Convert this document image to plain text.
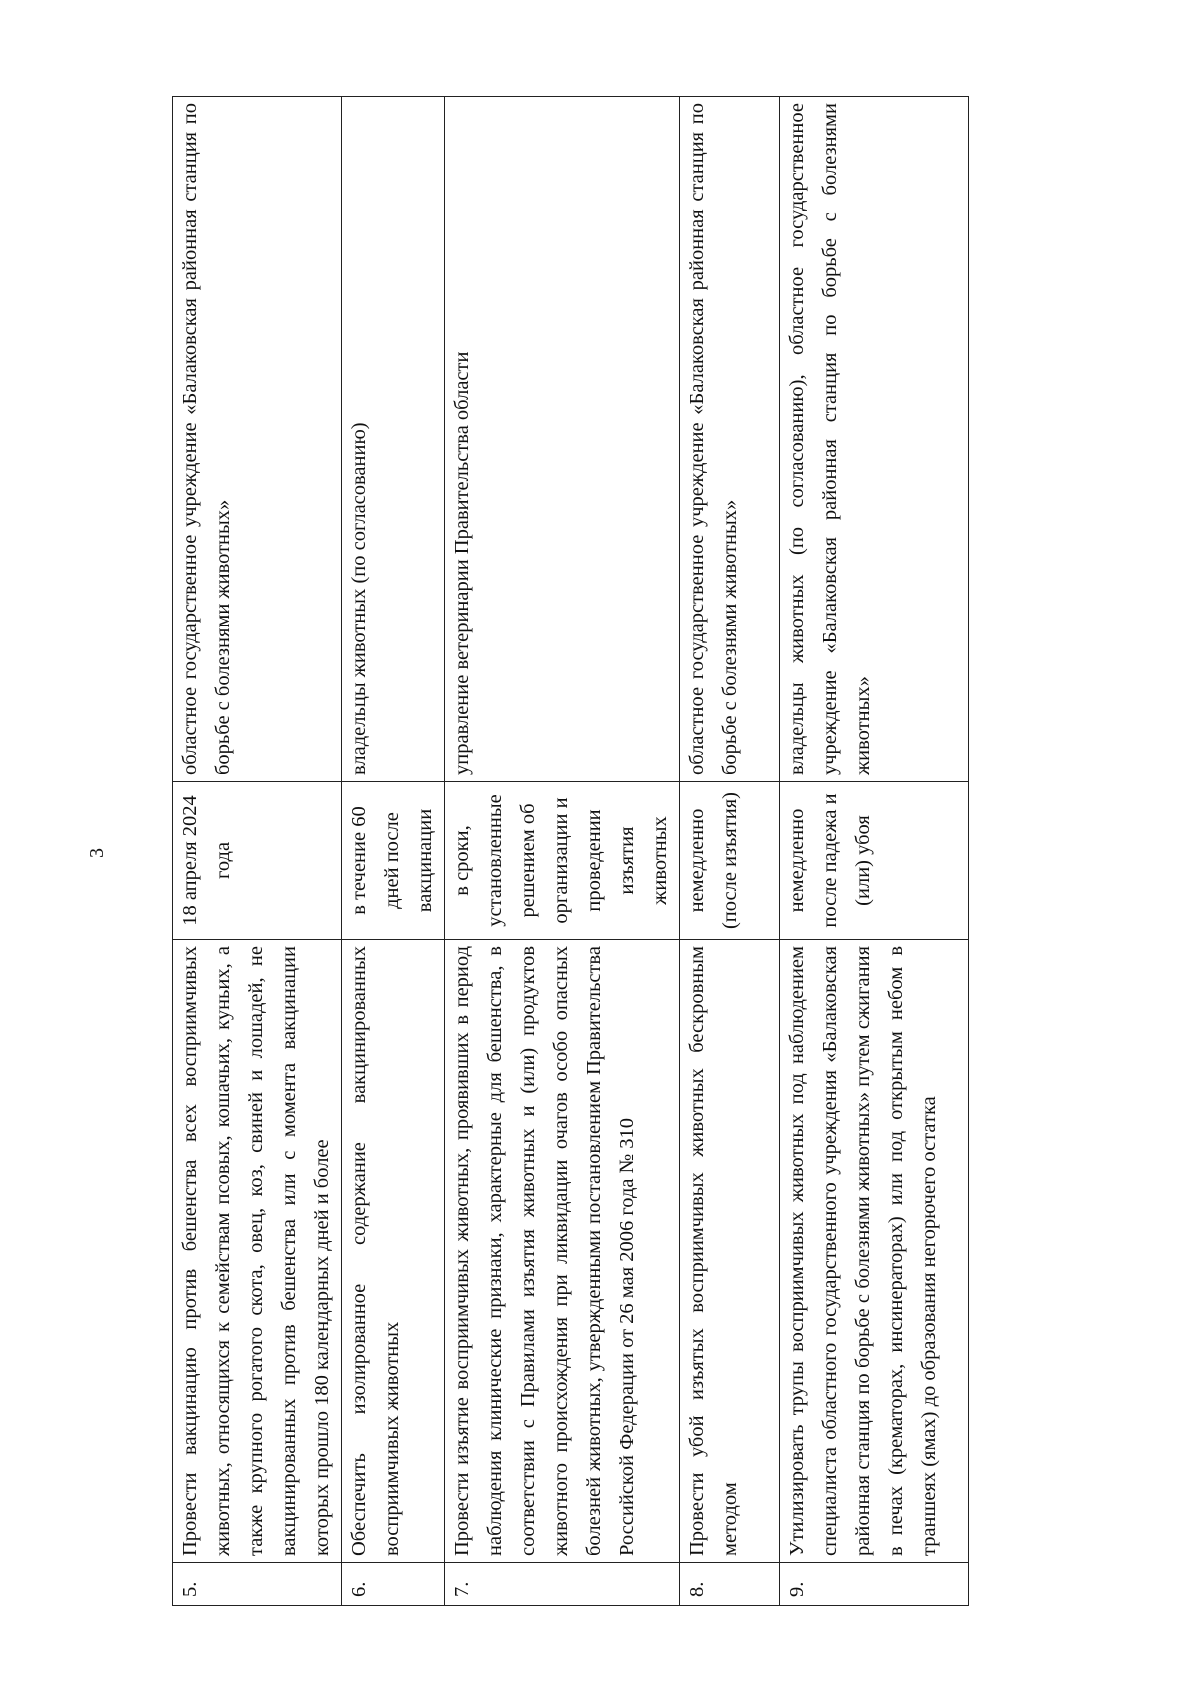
3
5.	Провести вакцинацию против бешенства всех восприимчивых животных, относящихся к семействам псовых, кошачьих, куньих, а также крупного рогатого скота, овец, коз, свиней и лошадей, не вакцинированных против бешенства или с момента вакцинации которых прошло 180 календарных дней и более	18 апреля 2024 года	областное государственное учреждение «Балаковская районная станция по борьбе с болезнями животных»
6.	Обеспечить изолированное содержание вакцинированных восприимчивых животных	в течение 60 дней после вакцинации	владельцы животных (по согласованию)
7.	Провести изъятие восприимчивых животных, проявивших в период наблюдения клинические признаки, характерные для бешенства, в соответствии с Правилами изъятия животных и (или) продуктов животного происхождения при ликвидации очагов особо опасных болезней животных, утвержденными постановлением Правительства Российской Федерации от 26 мая 2006 года № 310	в сроки, установленные решением об организации и проведении изъятия животных	управление ветеринарии Правительства области
8.	Провести убой изъятых восприимчивых животных бескровным методом	немедленно (после изъятия)	областное государственное учреждение «Балаковская районная станция по борьбе с болезнями животных»
9.	Утилизировать трупы восприимчивых животных под наблюдением специалиста областного государственного учреждения «Балаковская районная станция по борьбе с болезнями животных» путем сжигания в печах (крематорах, инсинераторах) или под открытым небом в траншеях (ямах) до образования негорючего остатка	немедленно после падежа и (или) убоя	владельцы животных (по согласованию), областное государственное учреждение «Балаковская районная станция по борьбе с болезнями животных»
